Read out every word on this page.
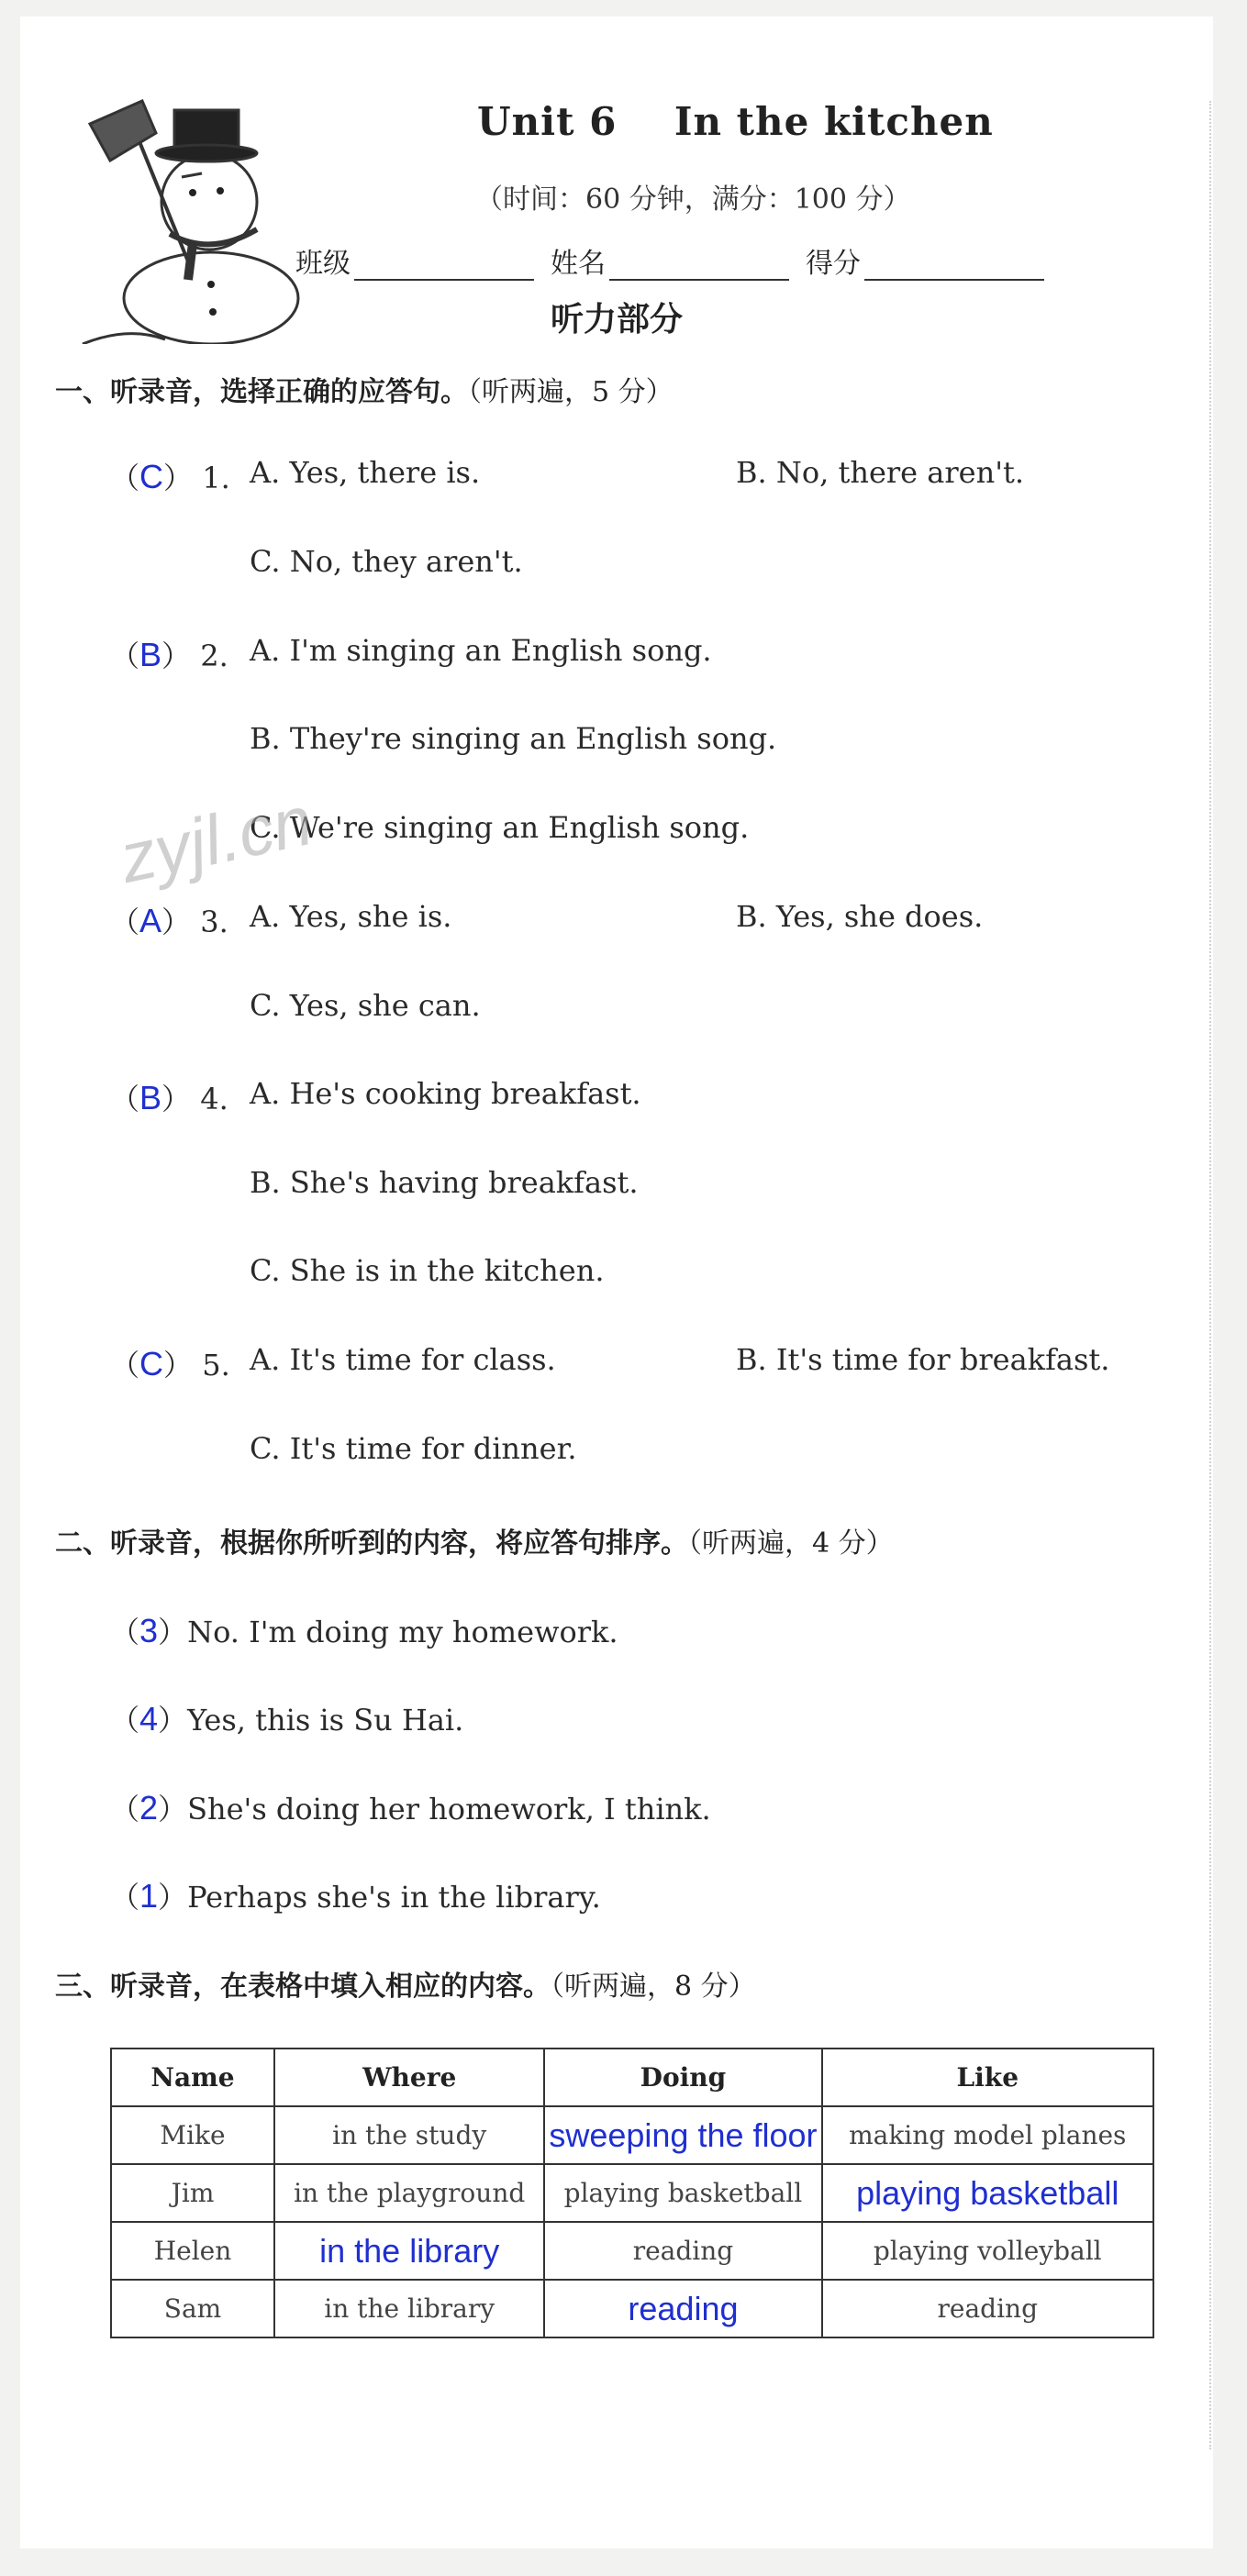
Unit 6    In the kitchen
（时间：60 分钟，满分：100 分）
班级	姓名	得分
听力部分
一、听录音，选择正确的应答句。（听两遍，5 分）
（C） 1. A. Yes, there is.	B. No, there aren't.
C. No, they aren't.
（B） 2. A. I'm singing an English song.
B. They're singing an English song.
C. We're singing an English song.
zyjl.cn
（A） 3. A. Yes, she is.	B. Yes, she does.
C. Yes, she can.
（B） 4. A. He's cooking breakfast.
B. She's having breakfast.
C. She is in the kitchen.
（C） 5. A. It's time for class.	B. It's time for breakfast.
C. It's time for dinner.
二、听录音，根据你所听到的内容，将应答句排序。（听两遍，4 分）
（3）No. I'm doing my homework.
（4）Yes, this is Su Hai.
（2）She's doing her homework, I think.
（1）Perhaps she's in the library.
三、听录音，在表格中填入相应的内容。（听两遍，8 分）
Name	Where	Doing	Like
Mike	in the study	sweeping the floor	making model planes
Jim	in the playground	playing basketball	playing basketball
Helen	in the library	reading	playing volleyball
Sam	in the library	reading	reading
